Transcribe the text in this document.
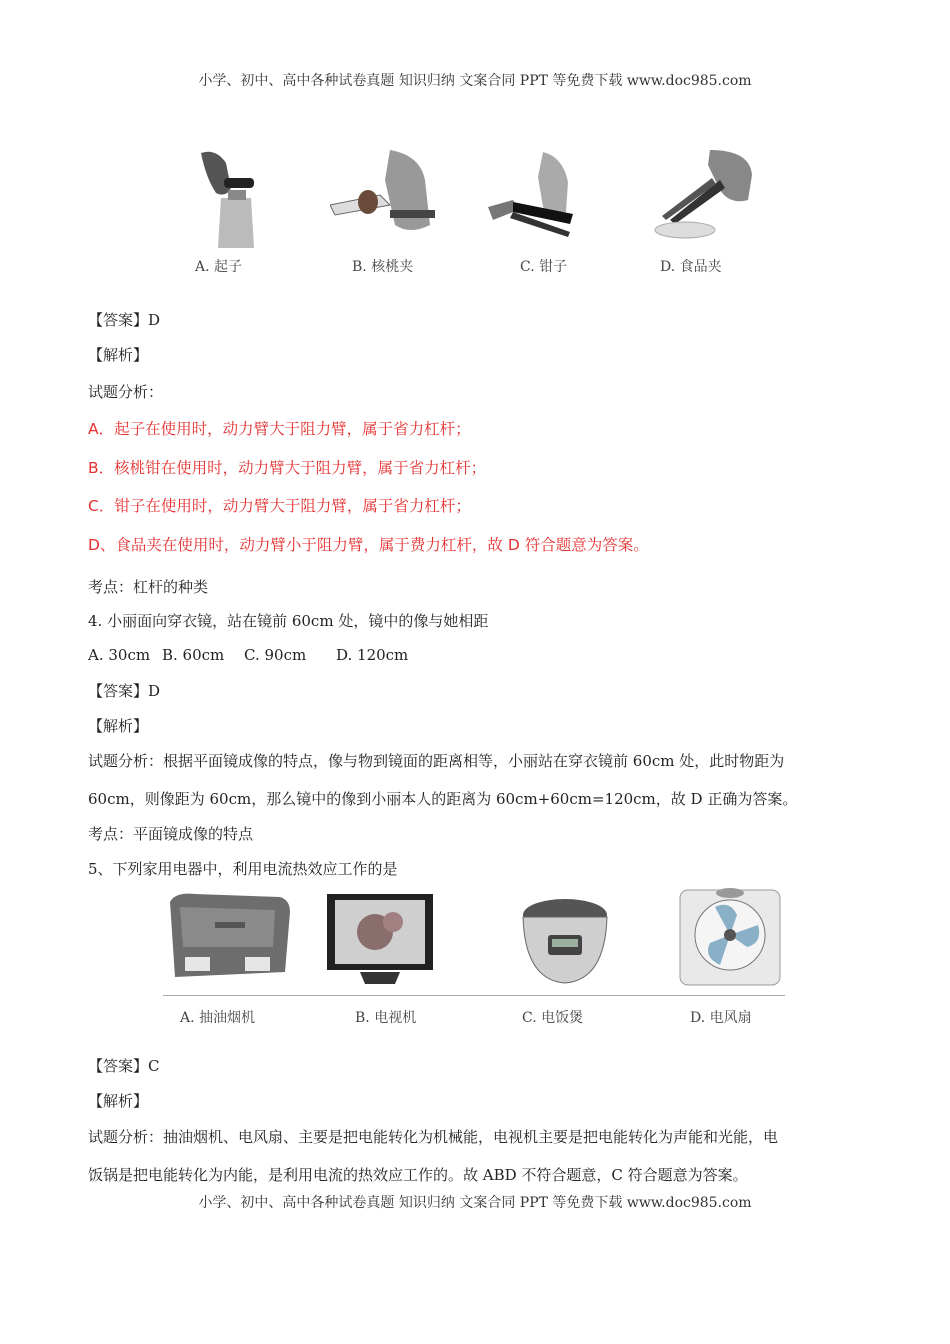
小学、初中、高中各种试卷真题 知识归纳 文案合同 PPT 等免费下载 www.doc985.com
A. 起子	B. 核桃夹	C. 钳子	D. 食品夹
【答案】D
【解析】
试题分析：
A．起子在使用时，动力臂大于阻力臂，属于省力杠杆；
B．核桃钳在使用时，动力臂大于阻力臂，属于省力杠杆；
C．钳子在使用时，动力臂大于阻力臂，属于省力杠杆；
D、食品夹在使用时，动力臂小于阻力臂，属于费力杠杆，故 D 符合题意为答案。
考点：杠杆的种类
4. 小丽面向穿衣镜，站在镜前 60cm 处，镜中的像与她相距
A. 30cm B. 60cm C. 90cm D. 120cm
【答案】D
【解析】
试题分析：根据平面镜成像的特点，像与物到镜面的距离相等，小丽站在穿衣镜前 60cm 处，此时物距为
60cm，则像距为 60cm，那么镜中的像到小丽本人的距离为 60cm+60cm=120cm，故 D 正确为答案。
考点：平面镜成像的特点
5、下列家用电器中，利用电流热效应工作的是
A. 抽油烟机	B. 电视机	C. 电饭煲	D. 电风扇
【答案】C
【解析】
试题分析：抽油烟机、电风扇、主要是把电能转化为机械能，电视机主要是把电能转化为声能和光能，电
饭锅是把电能转化为内能，是利用电流的热效应工作的。故 ABD 不符合题意，C 符合题意为答案。
小学、初中、高中各种试卷真题 知识归纳 文案合同 PPT 等免费下载 www.doc985.com
